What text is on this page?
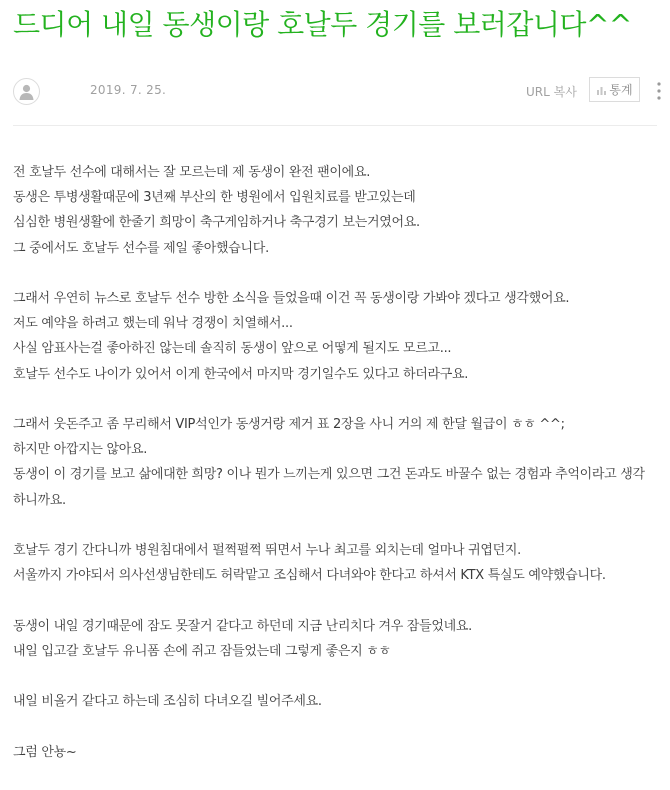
드디어 내일 동생이랑 호날두 경기를 보러갑니다^^
2019. 7. 25.	URL 복사	통계

전 호날두 선수에 대해서는 잘 모르는데 제 동생이 완전 팬이에요.
동생은 투병생활때문에 3년째 부산의 한 병원에서 입원치료를 받고있는데
심심한 병원생활에 한줄기 희망이 축구게임하거나 축구경기 보는거였어요.
그 중에서도 호날두 선수를 제일 좋아했습니다.

그래서 우연히 뉴스로 호날두 선수 방한 소식을 들었을때 이건 꼭 동생이랑 가봐야 겠다고 생각했어요.
저도 예약을 하려고 했는데 워낙 경쟁이 치열해서...
사실 암표사는걸 좋아하진 않는데 솔직히 동생이 앞으로 어떻게 될지도 모르고...
호날두 선수도 나이가 있어서 이게 한국에서 마지막 경기일수도 있다고 하더라구요.

그래서 웃돈주고 좀 무리해서 VIP석인가 동생거랑 제거 표 2장을 사니 거의 제 한달 월급이 ㅎㅎ ^^;
하지만 아깝지는 않아요.
동생이 이 경기를 보고 삶에대한 희망? 이나 뭔가 느끼는게 있으면 그건 돈과도 바꿀수 없는 경험과 추억이라고 생각
하니까요.

호날두 경기 간다니까 병원침대에서 펄쩍펄쩍 뛰면서 누나 최고를 외치는데 얼마나 귀엽던지.
서울까지 가야되서 의사선생님한테도 허락맡고 조심해서 다녀와야 한다고 하셔서 KTX 특실도 예약했습니다.

동생이 내일 경기때문에 잠도 못잘거 같다고 하던데 지금 난리치다 겨우 잠들었네요.
내일 입고갈 호날두 유니폼 손에 쥐고 잠들었는데 그렇게 좋은지 ㅎㅎ

내일 비올거 같다고 하는데 조심히 다녀오길 빌어주세요.

그럼 안뇽~
